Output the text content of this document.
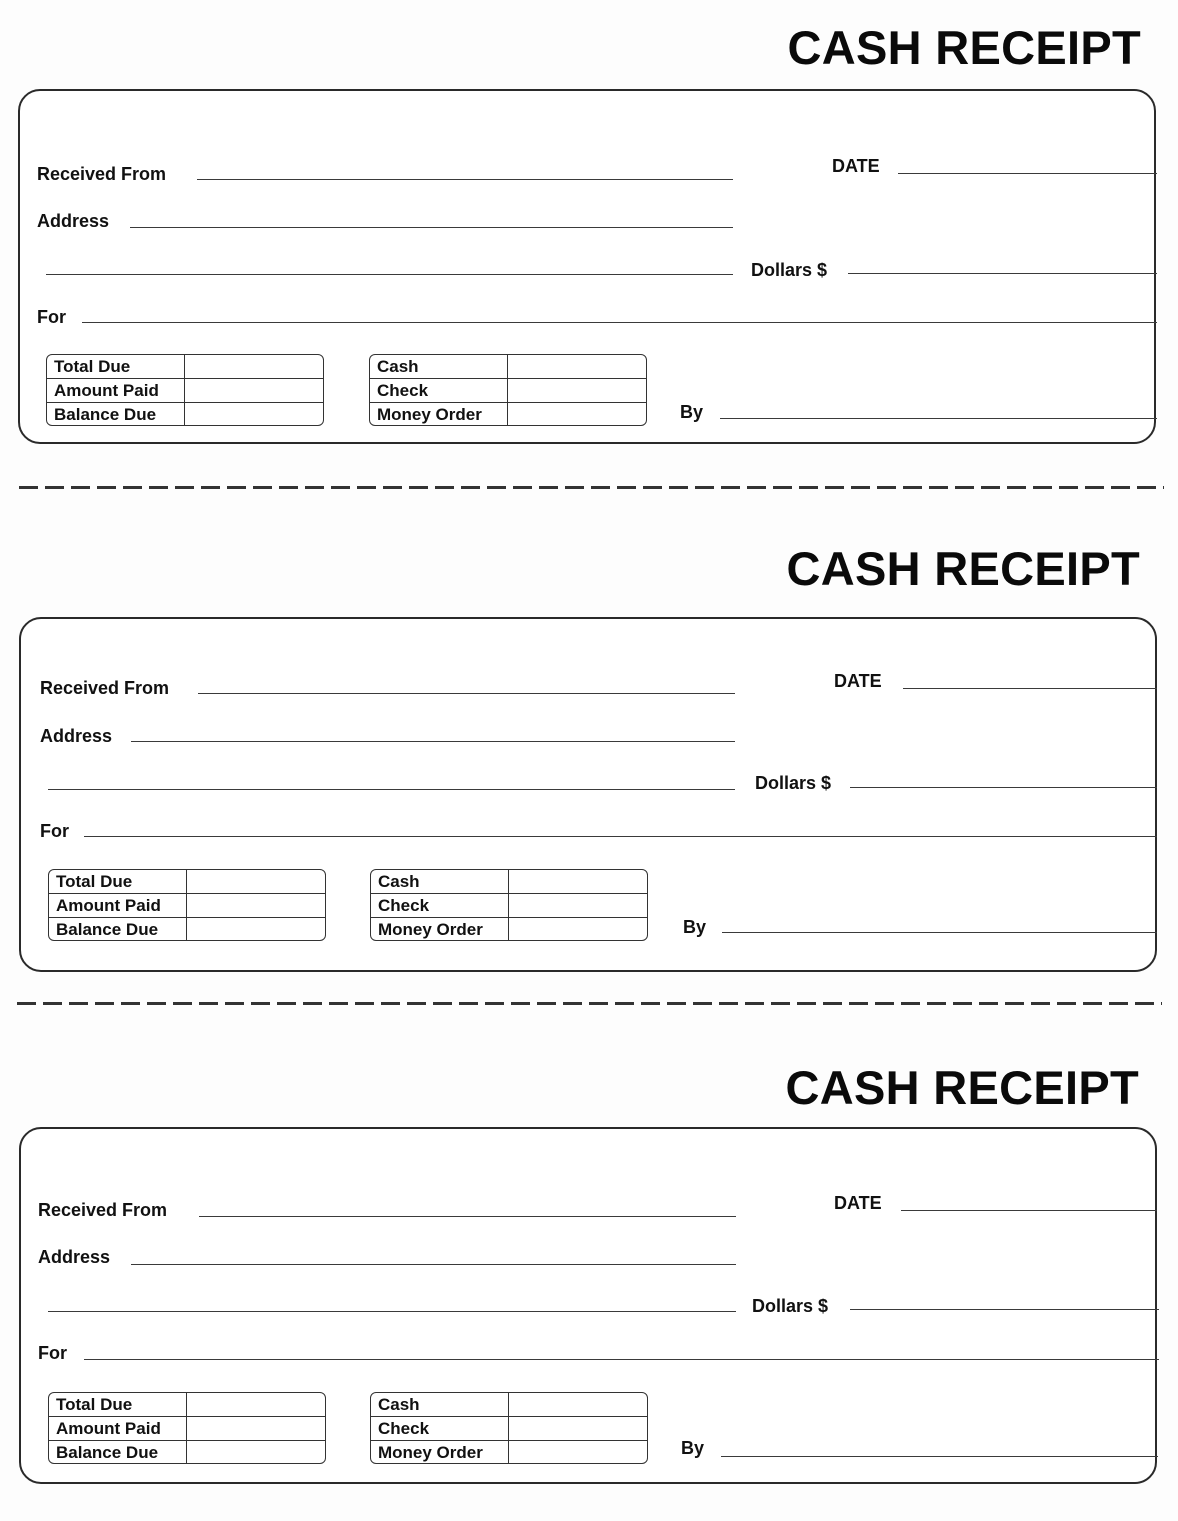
CASH RECEIPT
Received From	DATE
Address
Dollars $
For
Total Due
Amount Paid
Balance Due
Cash
Check
Money Order	By
CASH RECEIPT
Received From	DATE
Address
Dollars $
For
Total Due
Amount Paid
Balance Due
Cash
Check
Money Order	By
CASH RECEIPT
Received From	DATE
Address
Dollars $
For
Total Due
Amount Paid
Balance Due
Cash
Check
Money Order	By
